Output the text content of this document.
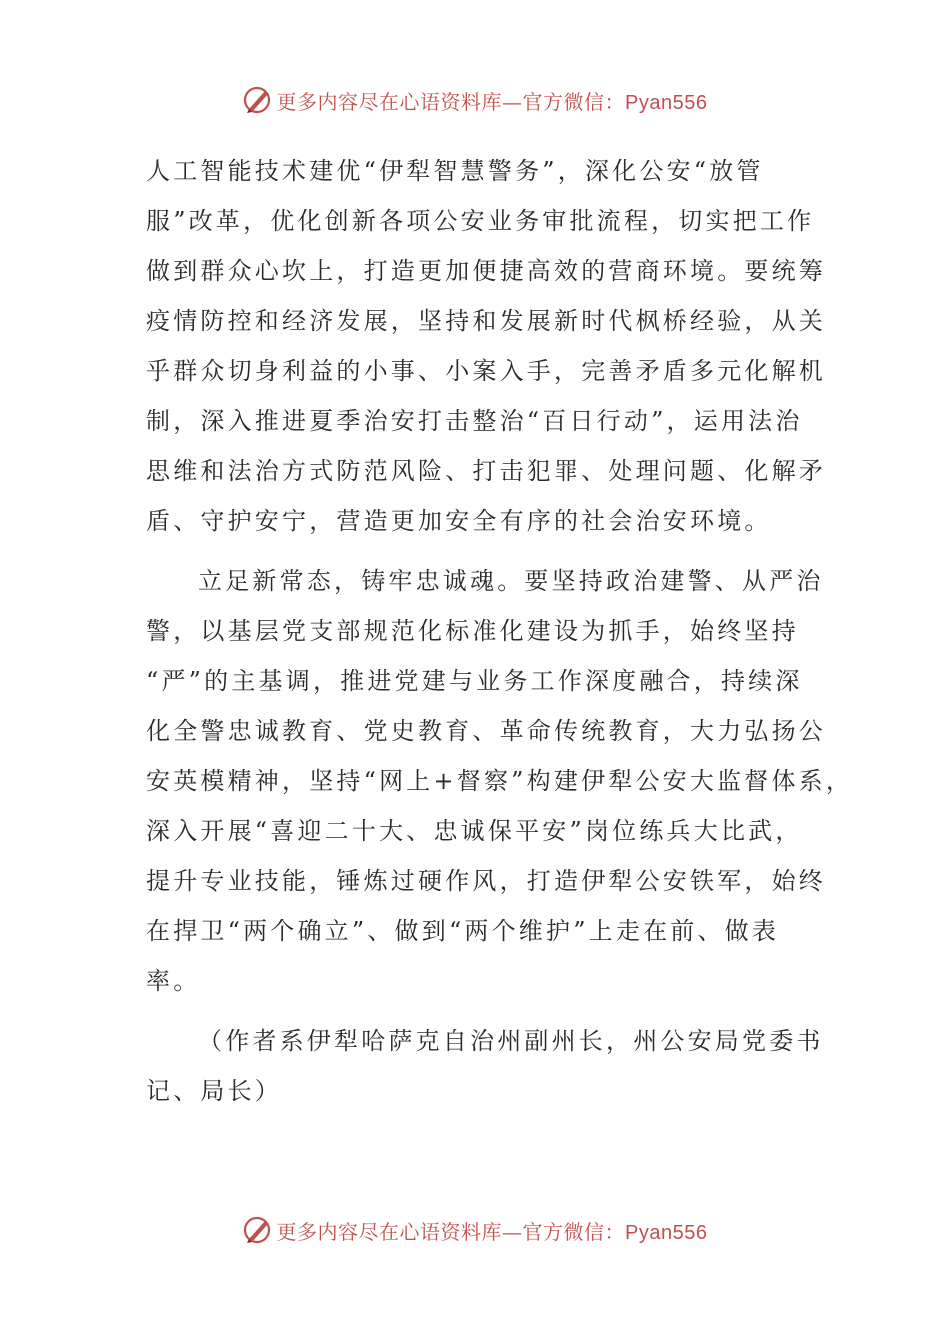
更多内容尽在心语资料库—官方微信：Pyan556
人工智能技术建优“伊犁智慧警务”，深化公安“放管
服”改革，优化创新各项公安业务审批流程，切实把工作
做到群众心坎上，打造更加便捷高效的营商环境。要统筹
疫情防控和经济发展，坚持和发展新时代枫桥经验，从关
乎群众切身利益的小事、小案入手，完善矛盾多元化解机
制，深入推进夏季治安打击整治“百日行动”，运用法治
思维和法治方式防范风险、打击犯罪、处理问题、化解矛
盾、守护安宁，营造更加安全有序的社会治安环境。
立足新常态，铸牢忠诚魂。要坚持政治建警、从严治
警，以基层党支部规范化标准化建设为抓手，始终坚持
“严”的主基调，推进党建与业务工作深度融合，持续深
化全警忠诚教育、党史教育、革命传统教育，大力弘扬公
安英模精神，坚持“网上+督察”构建伊犁公安大监督体系，
深入开展“喜迎二十大、忠诚保平安”岗位练兵大比武，
提升专业技能，锤炼过硬作风，打造伊犁公安铁军，始终
在捍卫“两个确立”、做到“两个维护”上走在前、做表
率。
（作者系伊犁哈萨克自治州副州长，州公安局党委书
记、局长）
更多内容尽在心语资料库—官方微信：Pyan556
